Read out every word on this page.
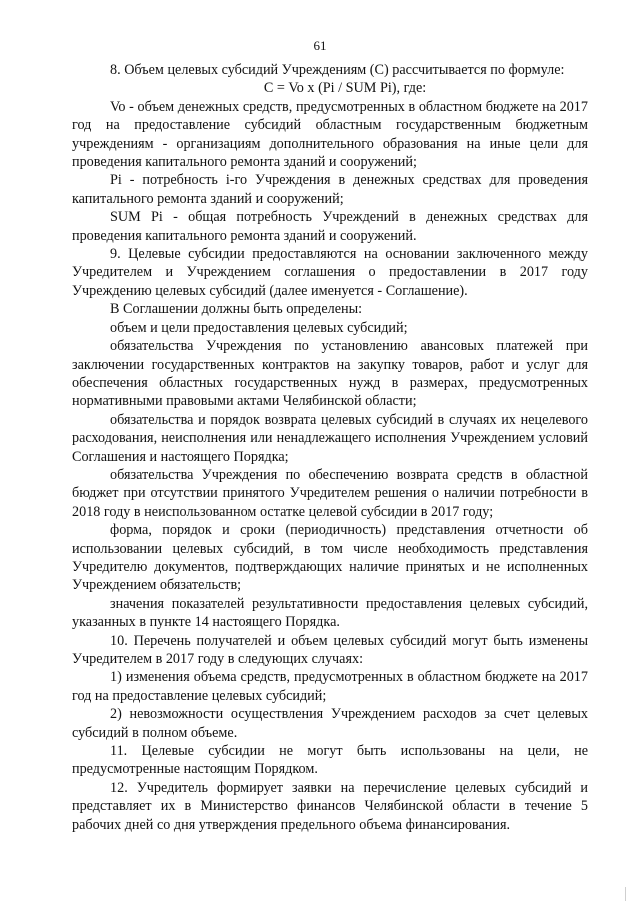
61

8. Объем целевых субсидий Учреждениям (С) рассчитывается по формуле:

С = Vo x (Pi / SUM Pi), где:

Vo - объем денежных средств, предусмотренных в областном бюджете на 2017 год на предоставление субсидий областным государственным бюджетным учреждениям - организациям дополнительного образования на иные цели для проведения капитального ремонта зданий и сооружений;

Pi - потребность i-го Учреждения в денежных средствах для проведения капитального ремонта зданий и сооружений;

SUM Pi - общая потребность Учреждений в денежных средствах для проведения капитального ремонта зданий и сооружений.

9. Целевые субсидии предоставляются на основании заключенного между Учредителем и Учреждением соглашения о предоставлении в 2017 году Учреждению целевых субсидий (далее именуется - Соглашение).

В Соглашении должны быть определены:

объем и цели предоставления целевых субсидий;

обязательства Учреждения по установлению авансовых платежей при заключении государственных контрактов на закупку товаров, работ и услуг для обеспечения областных государственных нужд в размерах, предусмотренных нормативными правовыми актами Челябинской области;

обязательства и порядок возврата целевых субсидий в случаях их нецелевого расходования, неисполнения или ненадлежащего исполнения Учреждением условий Соглашения и настоящего Порядка;

обязательства Учреждения по обеспечению возврата средств в областной бюджет при отсутствии принятого Учредителем решения о наличии потребности в 2018 году в неиспользованном остатке целевой субсидии в 2017 году;

форма, порядок и сроки (периодичность) представления отчетности об использовании целевых субсидий, в том числе необходимость представления Учредителю документов, подтверждающих наличие принятых и не исполненных Учреждением обязательств;

значения показателей результативности предоставления целевых субсидий, указанных в пункте 14 настоящего Порядка.

10. Перечень получателей и объем целевых субсидий могут быть изменены Учредителем в 2017 году в следующих случаях:

1) изменения объема средств, предусмотренных в областном бюджете на 2017 год на предоставление целевых субсидий;

2) невозможности осуществления Учреждением расходов за счет целевых субсидий в полном объеме.

11. Целевые субсидии не могут быть использованы на цели, не предусмотренные настоящим Порядком.

12. Учредитель формирует заявки на перечисление целевых субсидий и представляет их в Министерство финансов Челябинской области в течение 5 рабочих дней со дня утверждения предельного объема финансирования.
